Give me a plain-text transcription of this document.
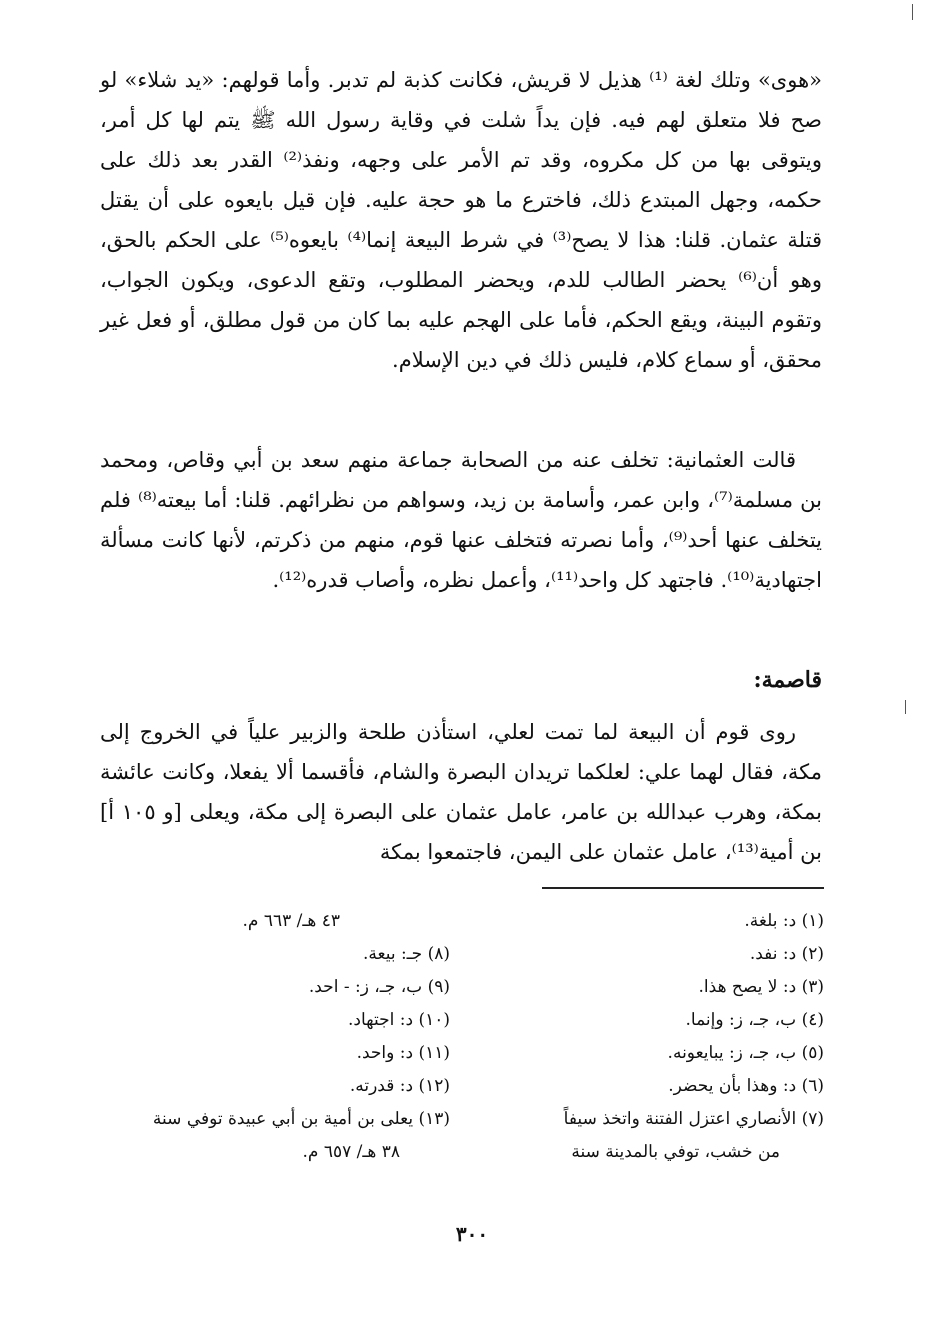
«هوى» وتلك لغة ⁽¹⁾ هذيل لا قريش، فكانت كذبة لم تدبر. وأما قولهم: «يد شلاء» لو صح فلا متعلق لهم فيه. فإن يداً شلت في وقاية رسول الله ﷺ يتم لها كل أمر، ويتوقى بها من كل مكروه، وقد تم الأمر على وجهه، ونفذ⁽²⁾ القدر بعد ذلك على حكمه، وجهل المبتدع ذلك، فاخترع ما هو حجة عليه. فإن قيل بايعوه على أن يقتل قتلة عثمان. قلنا: هذا لا يصح⁽³⁾ في شرط البيعة إنما⁽⁴⁾ بايعوه⁽⁵⁾ على الحكم بالحق، وهو أن⁽⁶⁾ يحضر الطالب للدم، ويحضر المطلوب، وتقع الدعوى، ويكون الجواب، وتقوم البينة، ويقع الحكم، فأما على الهجم عليه بما كان من قول مطلق، أو فعل غير محقق، أو سماع كلام، فليس ذلك في دين الإسلام.

قالت العثمانية: تخلف عنه من الصحابة جماعة منهم سعد بن أبي وقاص، ومحمد بن مسلمة⁽⁷⁾، وابن عمر، وأسامة بن زيد، وسواهم من نظرائهم. قلنا: أما بيعته⁽⁸⁾ فلم يتخلف عنها أحد⁽⁹⁾، وأما نصرته فتخلف عنها قوم، منهم من ذكرتم، لأنها كانت مسألة اجتهادية⁽¹⁰⁾. فاجتهد كل واحد⁽¹¹⁾، وأعمل نظره، وأصاب قدره⁽¹²⁾.

قاصمة:

روى قوم أن البيعة لما تمت لعلي، استأذن طلحة والزبير علياً في الخروج إلى مكة، فقال لهما علي: لعلكما تريدان البصرة والشام، فأقسما ألا يفعلا، وكانت عائشة بمكة، وهرب عبدالله بن عامر، عامل عثمان على البصرة إلى مكة، ويعلى [و ١٠٥ أ] بن أمية⁽¹³⁾، عامل عثمان على اليمن، فاجتمعوا بمكة

(١) د: بلغة.
(٢) د: نفد.
(٣) د: لا يصح هذا.
(٤) ب، جـ، ز: وإنما.
(٥) ب، جـ، ز: يبايعونه.
(٦) د: وهذا بأن يحضر.
(٧) الأنصاري اعتزل الفتنة واتخذ سيفاً
من خشب، توفي بالمدينة سنة
٤٣ هـ/ ٦٦٣ م.
(٨) جـ: بيعة.
(٩) ب، جـ، ز: - احد.
(١٠) د: اجتهاد.
(١١) د: واحد.
(١٢) د: قدرته.
(١٣) يعلى بن أمية بن أبي عبيدة توفي سنة
٣٨ هـ/ ٦٥٧ م.
٣٠٠
